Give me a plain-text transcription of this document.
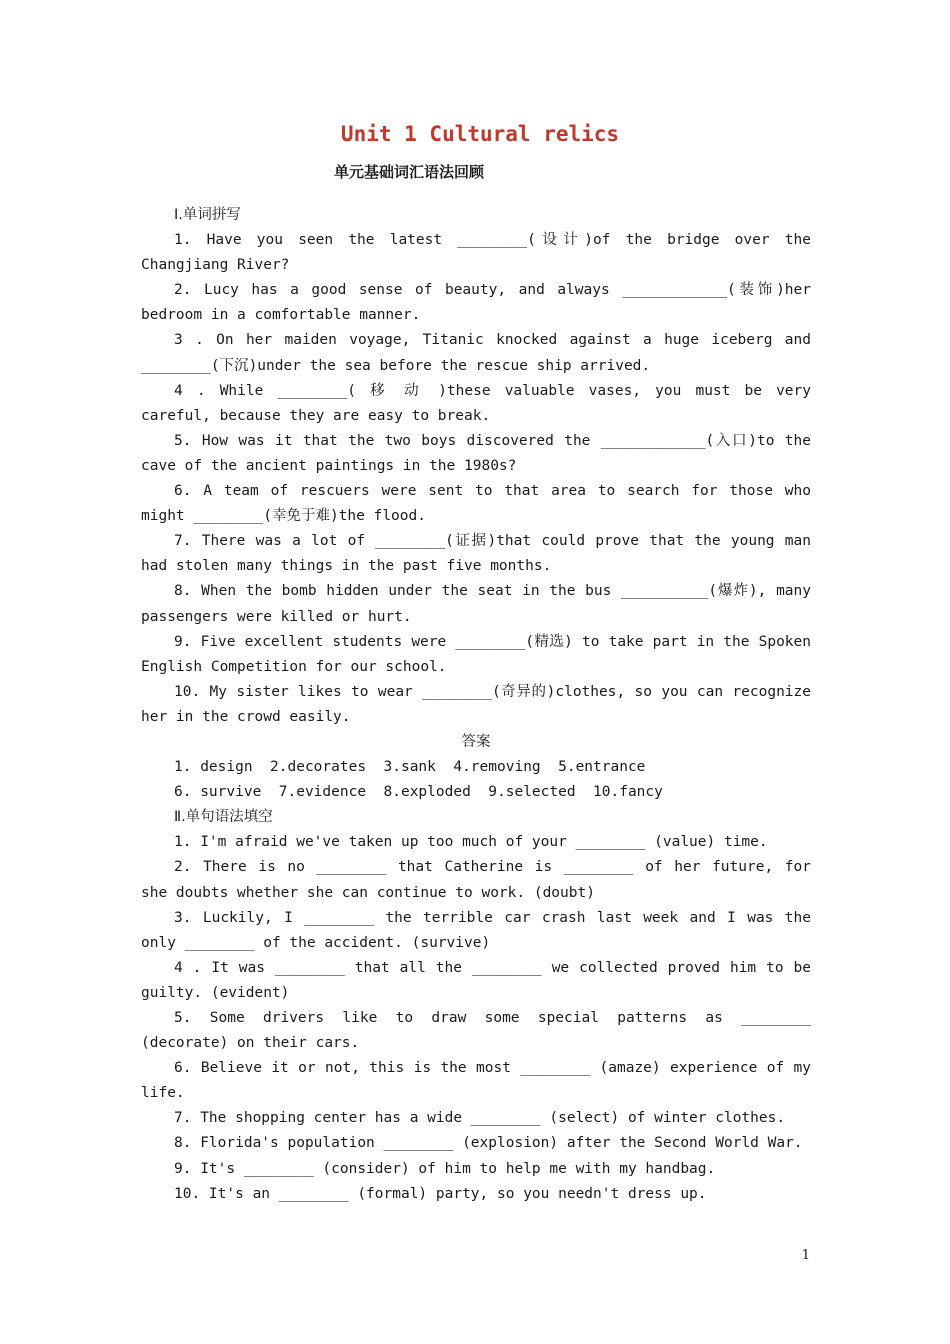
Unit 1 Cultural relics
单元基础词汇语法回顾
Ⅰ.单词拼写
1. Have you seen the latest ________(设计)of the bridge over the Changjiang River?
2. Lucy has a good sense of beauty, and always ____________(装饰)her bedroom in a comfortable manner.
3 . On her maiden voyage, Titanic knocked against a huge iceberg and ________(下沉)under the sea before the rescue ship arrived.
4 . While ________( 移 动 )these valuable vases, you must be very careful, because they are easy to break.
5. How was it that the two boys discovered the ____________(入口)to the cave of the ancient paintings in the 1980s?
6. A team of rescuers were sent to that area to search for those who might ________(幸免于难)the flood.
7. There was a lot of ________(证据)that could prove that the young man had stolen many things in the past five months.
8. When the bomb hidden under the seat in the bus __________(爆炸), many passengers were killed or hurt.
9. Five excellent students were ________(精选) to take part in the Spoken English Competition for our school.
10. My sister likes to wear ________(奇异的)clothes, so you can recognize her in the crowd easily.
答案
1. design  2.decorates  3.sank  4.removing  5.entrance
6. survive  7.evidence  8.exploded  9.selected  10.fancy
Ⅱ.单句语法填空
1. I'm afraid we've taken up too much of your ________ (value) time.
2. There is no ________ that Catherine is ________ of her future, for she doubts whether she can continue to work. (doubt)
3. Luckily, I ________ the terrible car crash last week and I was the only ________ of the accident. (survive)
4 . It was ________ that all the ________ we collected proved him to be guilty. (evident)
5. Some drivers like to draw some special patterns as ________ (decorate) on their cars.
6. Believe it or not, this is the most ________ (amaze) experience of my life.
7. The shopping center has a wide ________ (select) of winter clothes.
8. Florida's population ________ (explosion) after the Second World War.
9. It's ________ (consider) of him to help me with my handbag.
10. It's an ________ (formal) party, so you needn't dress up.
1
